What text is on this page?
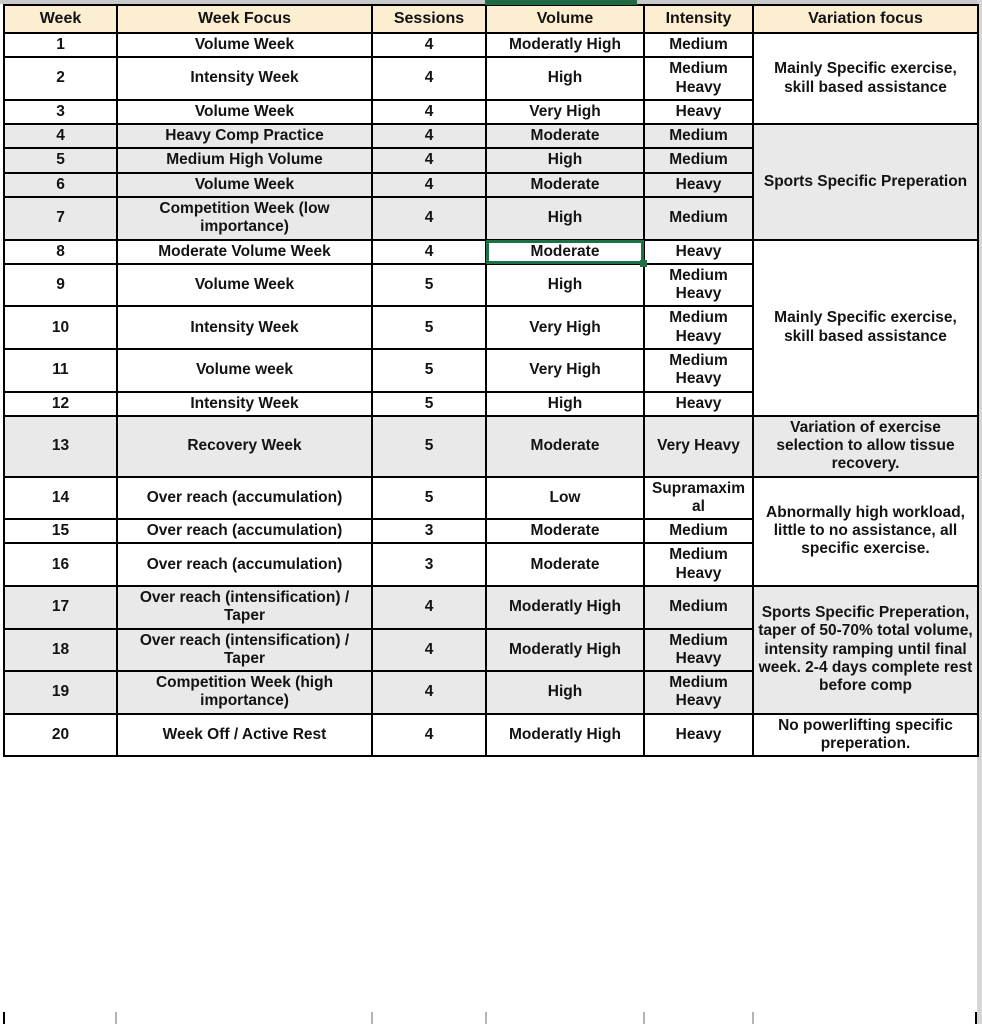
Week	Week Focus	Sessions	Volume	Intensity	Variation focus
1	Volume Week	4	Moderatly High	Medium	Mainly Specific exercise, skill based assistance
2	Intensity Week	4	High	Medium Heavy	
3	Volume Week	4	Very High	Heavy	
4	Heavy Comp Practice	4	Moderate	Medium	Sports Specific Preperation
5	Medium High Volume	4	High	Medium	
6	Volume Week	4	Moderate	Heavy	
7	Competition Week (low importance)	4	High	Medium	
8	Moderate Volume Week	4	Moderate	Heavy	Mainly Specific exercise, skill based assistance
9	Volume Week	5	High	Medium Heavy	
10	Intensity Week	5	Very High	Medium Heavy	
11	Volume week	5	Very High	Medium Heavy	
12	Intensity Week	5	High	Heavy	
13	Recovery Week	5	Moderate	Very Heavy	Variation of exercise selection to allow tissue recovery.
14	Over reach (accumulation)	5	Low	Supramaximal	Abnormally high workload, little to no assistance, all specific exercise.
15	Over reach (accumulation)	3	Moderate	Medium	
16	Over reach (accumulation)	3	Moderate	Medium Heavy	
17	Over reach (intensification) / Taper	4	Moderatly High	Medium	Sports Specific Preperation, taper of 50-70% total volume, intensity ramping until final week. 2-4 days complete rest before comp
18	Over reach (intensification) / Taper	4	Moderatly High	Medium Heavy	
19	Competition Week (high importance)	4	High	Medium Heavy	
20	Week Off / Active Rest	4	Moderatly High	Heavy	No powerlifting specific preperation.
